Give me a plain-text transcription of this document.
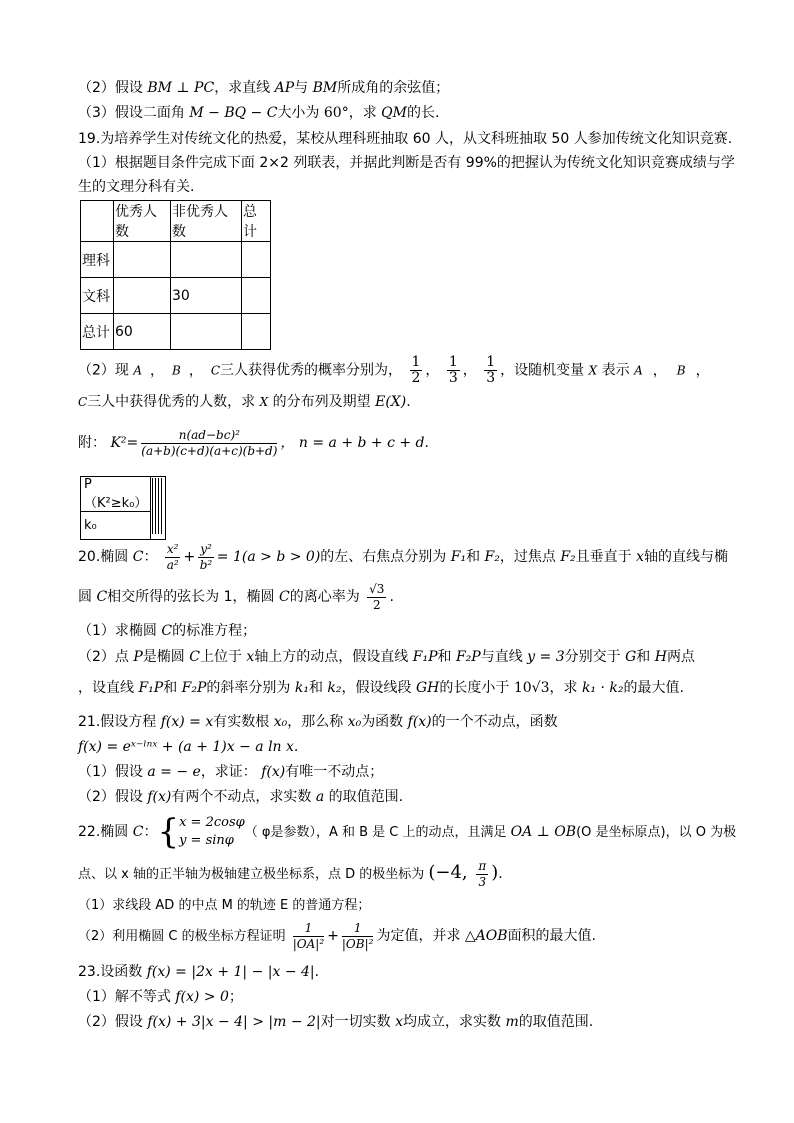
（2）假设 BM ⊥ PC，求直线 AP与 BM所成角的余弦值；
（3）假设二面角 M − BQ − C大小为 60°，求 QM的长.
19.为培养学生对传统文化的热爱，某校从理科班抽取 60 人，从文科班抽取 50 人参加传统文化知识竞赛.
（1）根据题目条件完成下面 2×2 列联表，并据此判断是否有 99%的把握认为传统文化知识竞赛成绩与学
生的文理分科有关.
	优秀人数	非优秀人数	总计
理科			
文科		30	
总计	60		
（2）现 A ， B ， C三人获得优秀的概率分别为， $\frac{1}{2}$ ， $\frac{1}{3}$ ， $\frac{1}{3}$ ，设随机变量 X 表示 A ， B ，
C三人中获得优秀的人数，求 X 的分布列及期望 E(X).
附： $K^2= \frac{\text{n(ad−bc)²}}{(a+b)(c+d)(a+c)(b+d)}$ ， n = a + b + c + d.
P（K²≥k₀）	
k₀
20.椭圆 C： $\frac{\text{x²}}{\text{a²}} + \frac{\text{y²}}{\text{b²}} = 1(a > b > 0)$的左、右焦点分别为 F₁和 F₂，过焦点 F₂且垂直于 x轴的直线与椭
圆 C相交所得的弦长为 1，椭圆 C的离心率为 $\frac{√3}{2}$ .
（1）求椭圆 C的标准方程；
（2）点 P是椭圆 C上位于 x轴上方的动点，假设直线 F₁P和 F₂P与直线 y = 3分别交于 G和 H两点
，设直线 F₁P和 F₂P的斜率分别为 k₁和 k₂，假设线段 GH的长度小于 10√3，求 k₁ · k₂的最大值.
21.假设方程 f(x) = x有实数根 x₀，那么称 x₀为函数 f(x)的一个不动点，函数
f(x) = eˣ⁻ˡⁿˣ + (a + 1)x − a ln x.
（1）假设 a = − e，求证： f(x)有唯一不动点；
（2）假设 f(x)有两个不动点，求实数 a 的取值范围.
22.椭圆 C：{ x = 2cosφ
y = sinφ
（ φ是参数），A 和 B 是 C 上的动点，且满足 OA ⊥ OB(O 是坐标原点)，以 O 为极
点、以 x 轴的正半轴为极轴建立极坐标系，点 D 的极坐标为 (−4, $\frac{\pi}{3}$ ).
（1）求线段 AD 的中点 M 的轨迹 E 的普通方程；
（2）利用椭圆 C 的极坐标方程证明 $\frac{1}{\text{|OA|²}} + \frac{1}{\text{|OB|²}}$ 为定值，并求 △AOB面积的最大值.
23.设函数 f(x) = |2x + 1| − |x − 4|.
（1）解不等式 f(x) > 0；
（2）假设 f(x) + 3|x − 4| > |m − 2|对一切实数 x均成立，求实数 m的取值范围.
